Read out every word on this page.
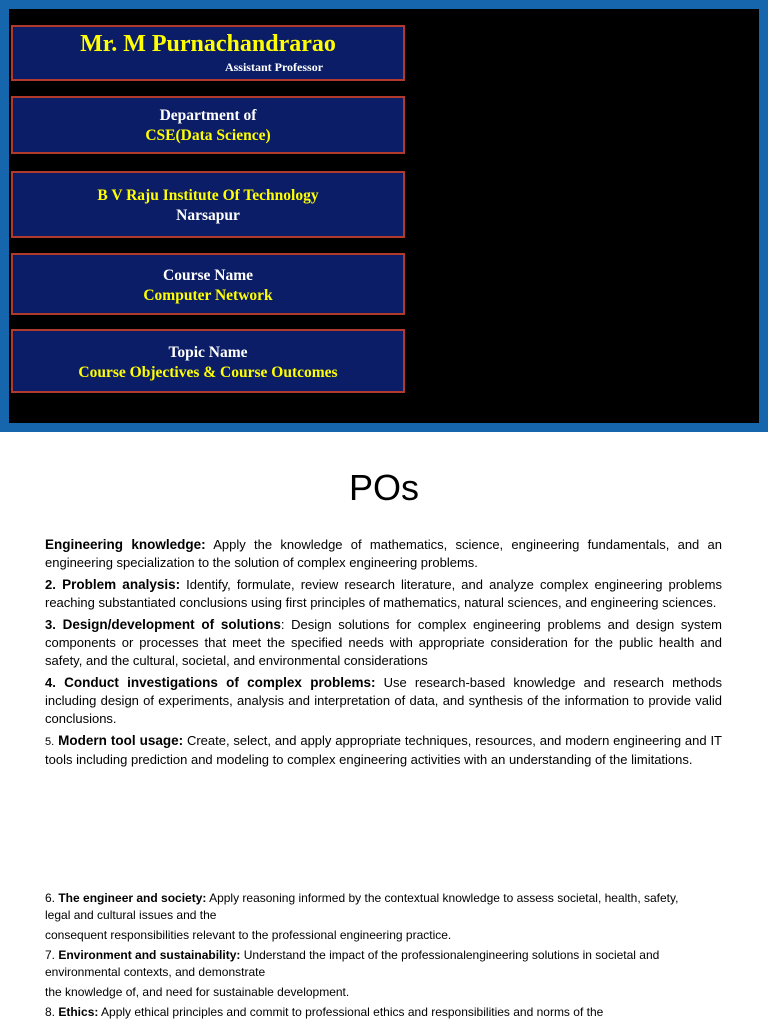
Mr. M Purnachandrarao
Assistant Professor
Department of
CSE(Data Science)
B V Raju Institute Of Technology
Narsapur
Course Name
Computer Network
Topic Name
Course Objectives & Course Outcomes
POs

Engineering knowledge: Apply the knowledge of mathematics, science, engineering fundamentals, and an engineering specialization to the solution of complex engineering problems.

2. Problem analysis: Identify, formulate, review research literature, and analyze complex engineering problems reaching substantiated conclusions using first principles of mathematics, natural sciences, and engineering sciences.

3. Design/development of solutions: Design solutions for complex engineering problems and design system components or processes that meet the specified needs with appropriate consideration for the public health and safety, and the cultural, societal, and environmental considerations

4. Conduct investigations of complex problems: Use research-based knowledge and research methods including design of experiments, analysis and interpretation of data, and synthesis of the information to provide valid conclusions.

5. Modern tool usage: Create, select, and apply appropriate techniques, resources, and modern engineering and IT tools including prediction and modeling to complex engineering activities with an understanding of the limitations.

6. The engineer and society: Apply reasoning informed by the contextual knowledge to assess societal, health, safety, legal and cultural issues and the
consequent responsibilities relevant to the professional engineering practice.

7. Environment and sustainability: Understand the impact of the professionalengineering solutions in societal and environmental contexts, and demonstrate
the knowledge of, and need for sustainable development.

8. Ethics: Apply ethical principles and commit to professional ethics and responsibilities and norms of the
